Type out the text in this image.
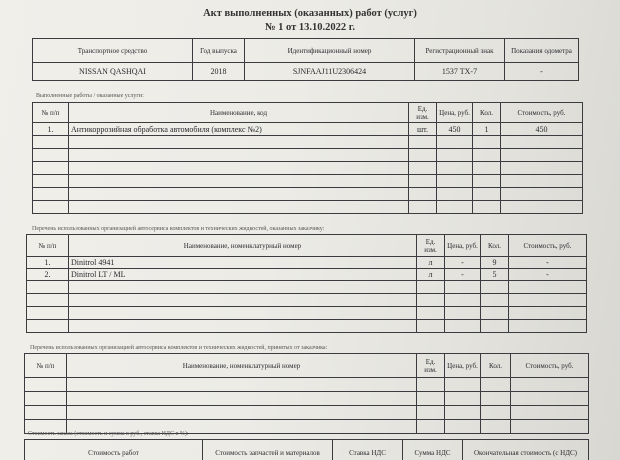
Акт выполненных (оказанных) работ (услуг)
№ 1 от 13.10.2022 г.
Транспортное средство	Год выпуска	Идентификационный номер	Регистрационный знак	Показания одометра
NISSAN QASHQAI	2018	SJNFAAJ11U2306424	1537 TX-7	-
Выполненные работы / оказанные услуги:
№ п/п	Наименование, код	Ед. изм.	Цена, руб.	Кол.	Стоимость, руб.
1.	Антикоррозийная обработка автомобиля (комплекс №2)	шт.	450	1	450

Перечень использованных организацией автосервиса комплектов и технических жидкостей, оказанных заказчику:
№ п/п	Наименование, номенклатурный номер	Ед. изм.	Цена, руб.	Кол.	Стоимость, руб.
1.	Dinitrol 4941	л	-	9	-
2.	Dinitrol LT / ML	л	-	5	-

Перечень использованных организацией автосервиса комплектов и технических жидкостей, принятых от заказчика:
№ п/п	Наименование, номенклатурный номер	Ед. изм.	Цена, руб.	Кол.	Стоимость, руб.

Стоимость заказа (стоимость и сумма в руб., ставка НДС в %):
Стоимость работ	Стоимость запчастей и материалов	Ставка НДС	Сумма НДС	Окончательная стоимость (с НДС)
